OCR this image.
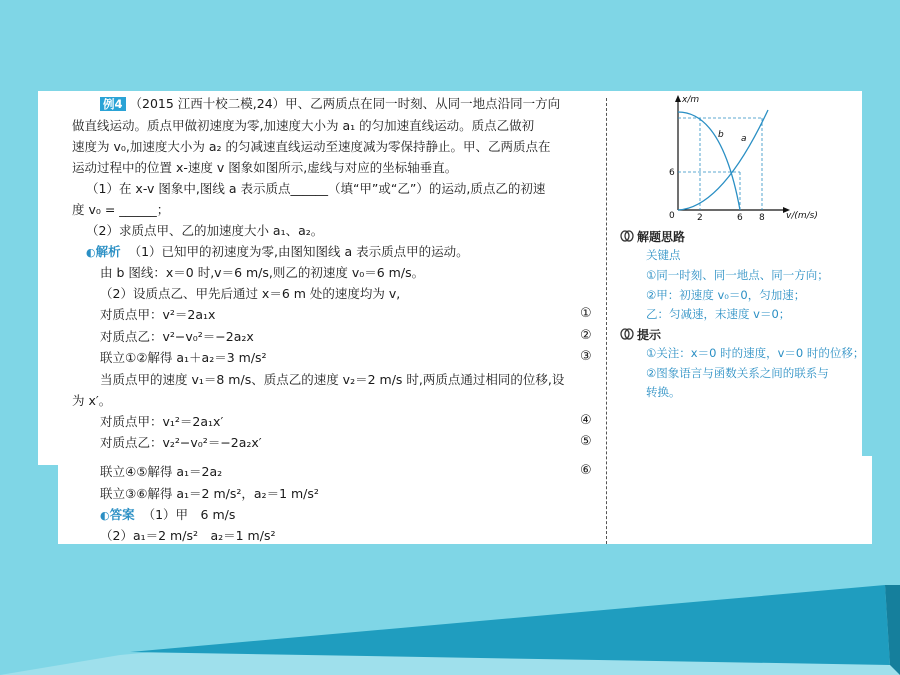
例4 （2015 江西十校二模,24）甲、乙两质点在同一时刻、从同一地点沿同一方向
做直线运动。质点甲做初速度为零,加速度大小为 a₁ 的匀加速直线运动。质点乙做初
速度为 v₀,加速度大小为 a₂ 的匀减速直线运动至速度减为零保持静止。甲、乙两质点在
运动过程中的位置 x-速度 v 图象如图所示,虚线与对应的坐标轴垂直。
（1）在 x-v 图象中,图线 a 表示质点______（填“甲”或“乙”）的运动,质点乙的初速
度 v₀ = ______；
（2）求质点甲、乙的加速度大小 a₁、a₂。
◐解析 （1）已知甲的初速度为零,由图知图线 a 表示质点甲的运动。
由 b 图线：x＝0 时,v＝6 m/s,则乙的初速度 v₀＝6 m/s。
（2）设质点乙、甲先后通过 x＝6 m 处的速度均为 v,
对质点甲：v²＝2a₁x
对质点乙：v²−v₀²＝−2a₂x
联立①②解得 a₁＋a₂＝3 m/s²
当质点甲的速度 v₁＝8 m/s、质点乙的速度 v₂＝2 m/s 时,两质点通过相同的位移,设
为 x′。
对质点甲：v₁²＝2a₁x′
对质点乙：v₂²−v₀²＝−2a₂x′
联立④⑤解得 a₁＝2a₂
联立③⑥解得 a₁＝2 m/s²，a₂＝1 m/s²
①
②
③
④
⑤
⑥
◐答案 （1）甲　6 m/s
（2）a₁＝2 m/s²　a₂＝1 m/s²
x/m
v/(m/s)
0
6
2	6 8
a
b
解题思路
关键点
①同一时刻、同一地点、同一方向；
②甲：初速度 v₀＝0，匀加速；
乙：匀减速，末速度 v＝0；
提示
①关注：x＝0 时的速度，v＝0 时的位移；
②图象语言与函数关系之间的联系与
转换。
